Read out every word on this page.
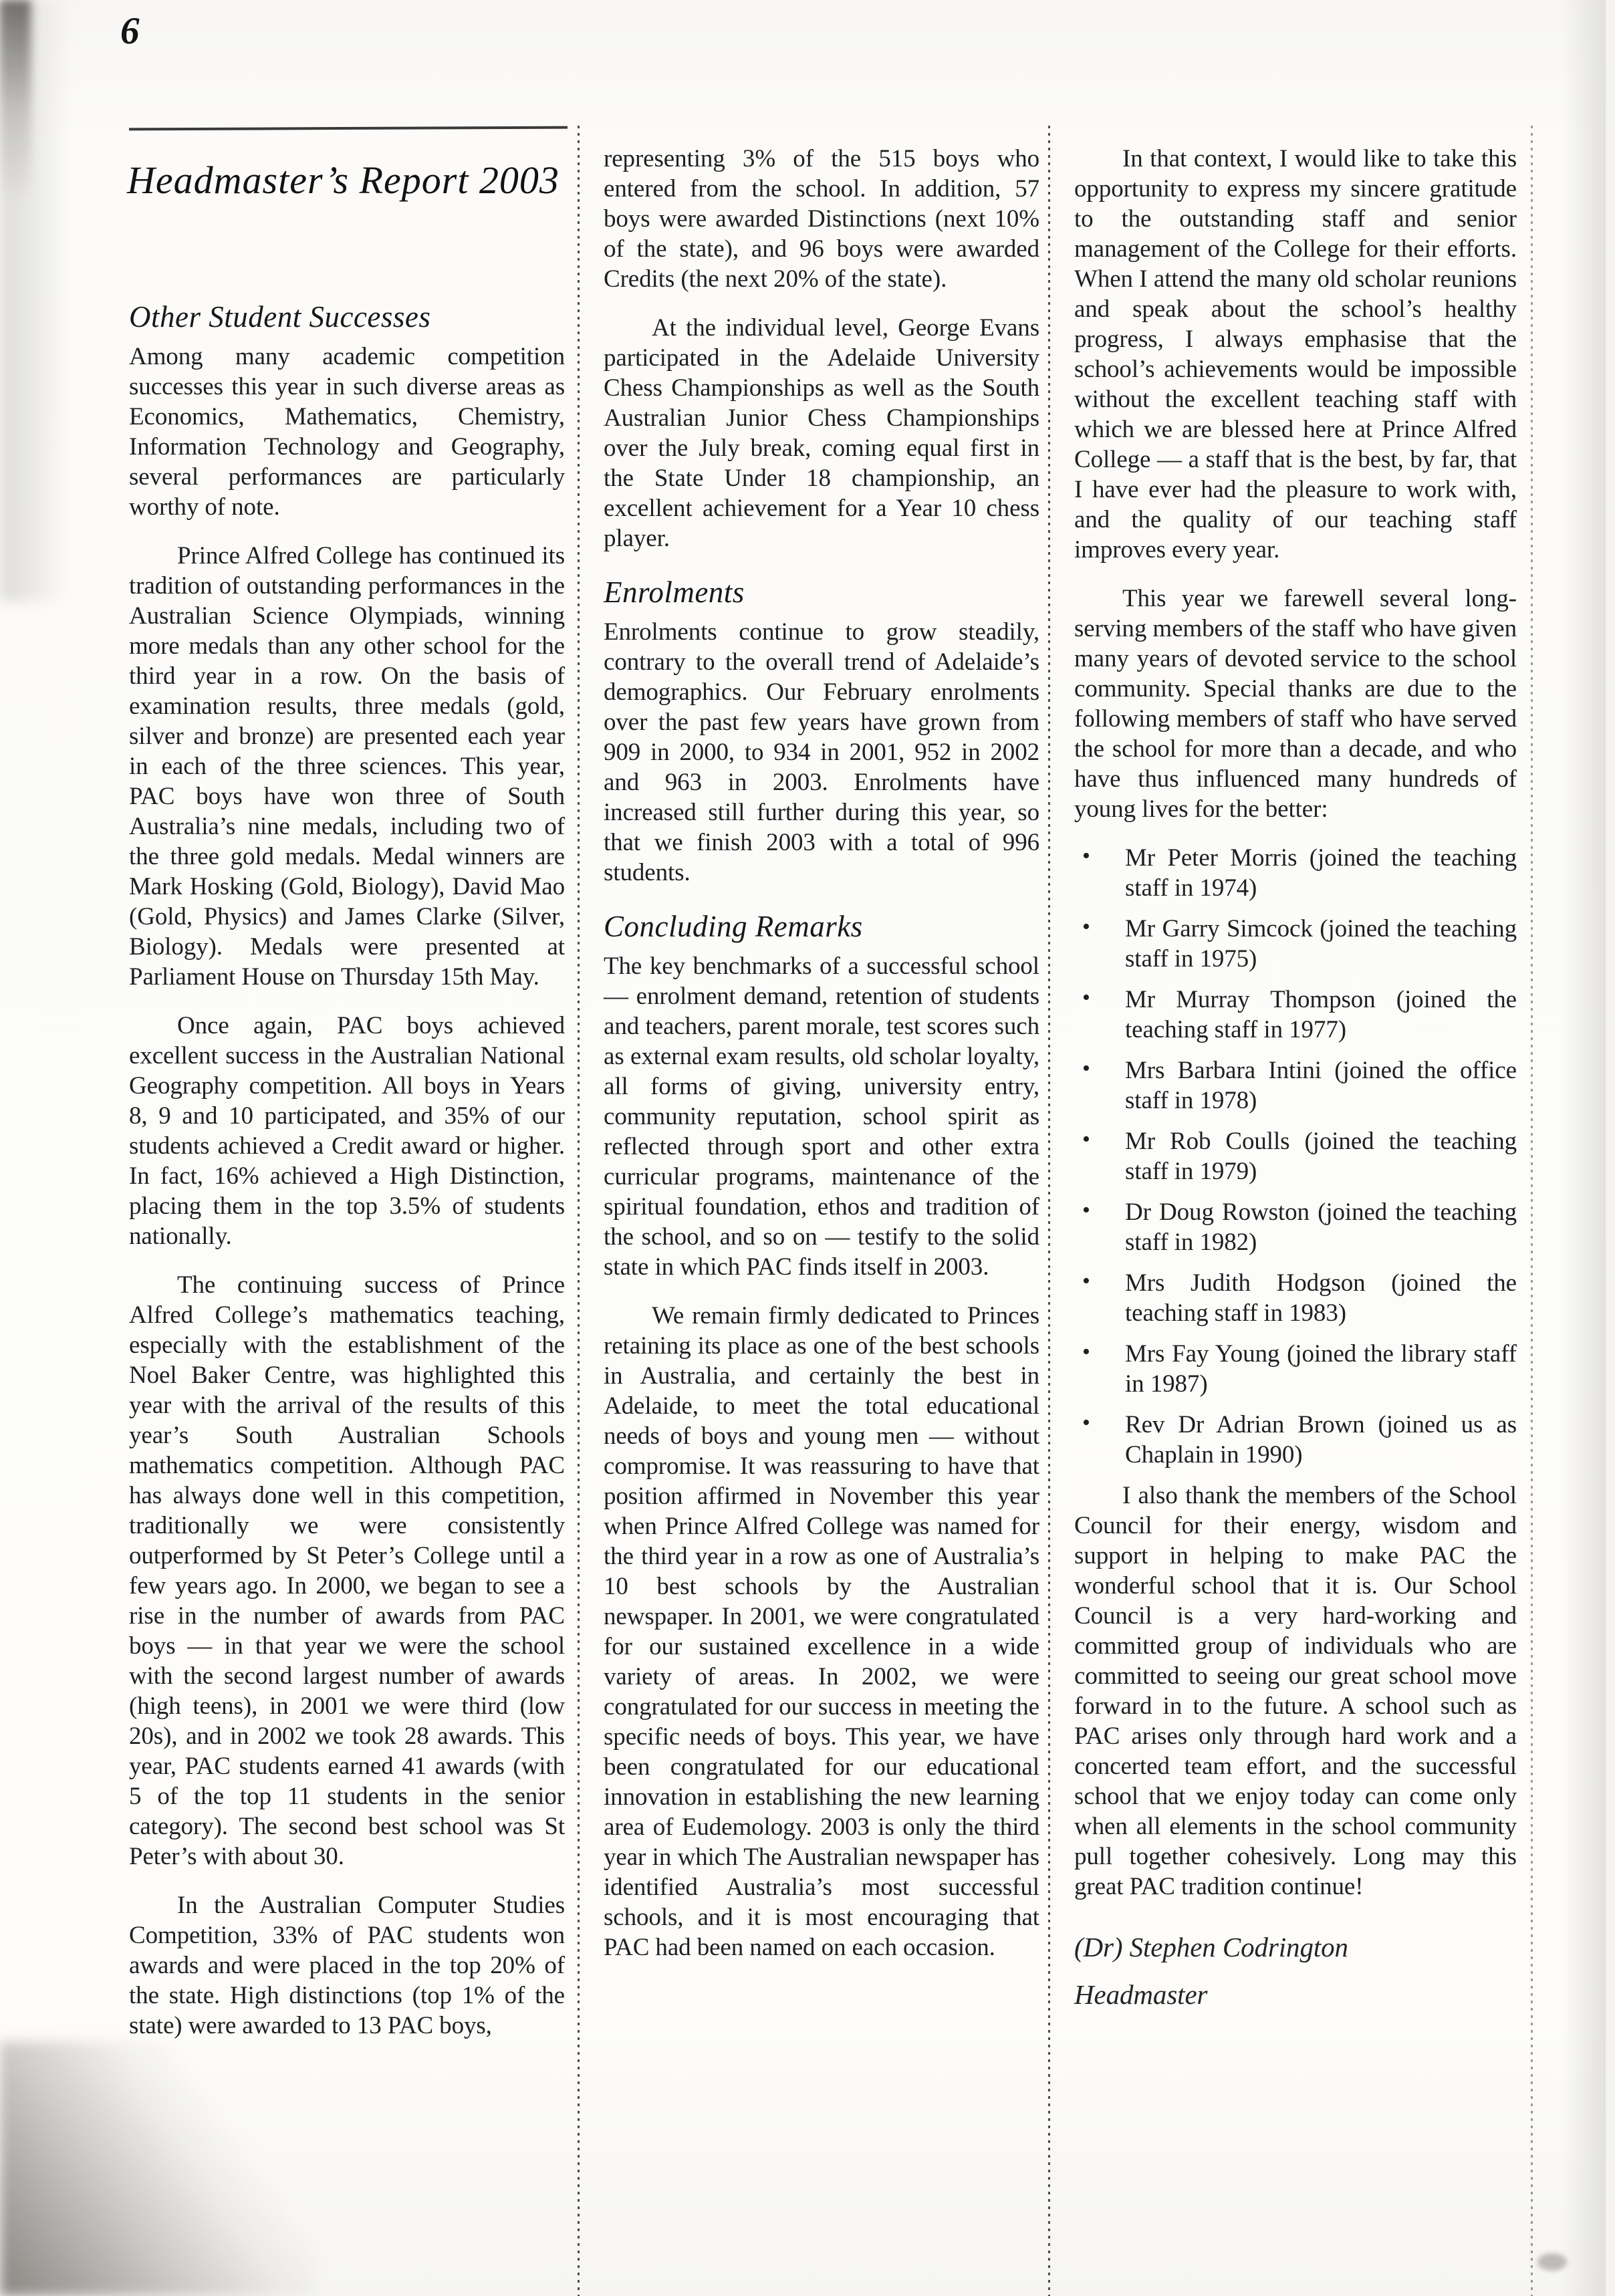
6
Headmaster’s Report 2003
Other Student Successes

Among many academic competition successes this year in such diverse areas as Economics, Mathematics, Chemistry, Information Technology and Geography, several performances are particularly worthy of note.

Prince Alfred College has continued its tradition of outstanding performances in the Australian Science Olympiads, winning more medals than any other school for the third year in a row. On the basis of examination results, three medals (gold, silver and bronze) are presented each year in each of the three sciences. This year, PAC boys have won three of South Australia’s nine medals, including two of the three gold medals. Medal winners are Mark Hosking (Gold, Biology), David Mao (Gold, Physics) and James Clarke (Silver, Biology). Medals were presented at Parliament House on Thursday 15th May.

Once again, PAC boys achieved excellent success in the Australian National Geography competition. All boys in Years 8, 9 and 10 participated, and 35% of our students achieved a Credit award or higher. In fact, 16% achieved a High Distinction, placing them in the top 3.5% of students nationally.

The continuing success of Prince Alfred College’s mathematics teaching, especially with the establishment of the Noel Baker Centre, was highlighted this year with the arrival of the results of this year’s South Australian Schools mathematics competition. Although PAC has always done well in this competition, traditionally we were consistently outperformed by St Peter’s College until a few years ago. In 2000, we began to see a rise in the number of awards from PAC boys — in that year we were the school with the second largest number of awards (high teens), in 2001 we were third (low 20s), and in 2002 we took 28 awards. This year, PAC students earned 41 awards (with 5 of the top 11 students in the senior category). The second best school was St Peter’s with about 30.

In the Australian Computer Studies Competition, 33% of PAC students won awards and were placed in the top 20% of the state. High distinctions (top 1% of the state) were awarded to 13 PAC boys,

representing 3% of the 515 boys who entered from the school. In addition, 57 boys were awarded Distinctions (next 10% of the state), and 96 boys were awarded Credits (the next 20% of the state).

At the individual level, George Evans participated in the Adelaide University Chess Championships as well as the South Australian Junior Chess Championships over the July break, coming equal first in the State Under 18 championship, an excellent achievement for a Year 10 chess player.

Enrolments

Enrolments continue to grow steadily, contrary to the overall trend of Adelaide’s demographics. Our February enrolments over the past few years have grown from 909 in 2000, to 934 in 2001, 952 in 2002 and 963 in 2003. Enrolments have increased still further during this year, so that we finish 2003 with a total of 996 students.

Concluding Remarks

The key benchmarks of a successful school — enrolment demand, retention of students and teachers, parent morale, test scores such as external exam results, old scholar loyalty, all forms of giving, university entry, community reputation, school spirit as reflected through sport and other extra curricular programs, maintenance of the spiritual foundation, ethos and tradition of the school, and so on — testify to the solid state in which PAC finds itself in 2003.

We remain firmly dedicated to Princes retaining its place as one of the best schools in Australia, and certainly the best in Adelaide, to meet the total educational needs of boys and young men — without compromise. It was reassuring to have that position affirmed in November this year when Prince Alfred College was named for the third year in a row as one of Australia’s 10 best schools by the Australian newspaper. In 2001, we were congratulated for our sustained excellence in a wide variety of areas. In 2002, we were congratulated for our success in meeting the specific needs of boys. This year, we have been congratulated for our educational innovation in establishing the new learning area of Eudemology. 2003 is only the third year in which The Australian newspaper has identified Australia’s most successful schools, and it is most encouraging that PAC had been named on each occasion.

In that context, I would like to take this opportunity to express my sincere gratitude to the outstanding staff and senior management of the College for their efforts. When I attend the many old scholar reunions and speak about the school’s healthy progress, I always emphasise that the school’s achievements would be impossible without the excellent teaching staff with which we are blessed here at Prince Alfred College — a staff that is the best, by far, that I have ever had the pleasure to work with, and the quality of our teaching staff improves every year.

This year we farewell several long-serving members of the staff who have given many years of devoted service to the school community. Special thanks are due to the following members of staff who have served the school for more than a decade, and who have thus influenced many hundreds of young lives for the better:

• Mr Peter Morris (joined the teaching staff in 1974)
• Mr Garry Simcock (joined the teaching staff in 1975)
• Mr Murray Thompson (joined the teaching staff in 1977)
• Mrs Barbara Intini (joined the office staff in 1978)
• Mr Rob Coulls (joined the teaching staff in 1979)
• Dr Doug Rowston (joined the teaching staff in 1982)
• Mrs Judith Hodgson (joined the teaching staff in 1983)
• Mrs Fay Young (joined the library staff in 1987)
• Rev Dr Adrian Brown (joined us as Chaplain in 1990)

I also thank the members of the School Council for their energy, wisdom and support in helping to make PAC the wonderful school that it is. Our School Council is a very hard-working and committed group of individuals who are committed to seeing our great school move forward in to the future. A school such as PAC arises only through hard work and a concerted team effort, and the successful school that we enjoy today can come only when all elements in the school community pull together cohesively. Long may this great PAC tradition continue!

(Dr) Stephen Codrington
Headmaster
